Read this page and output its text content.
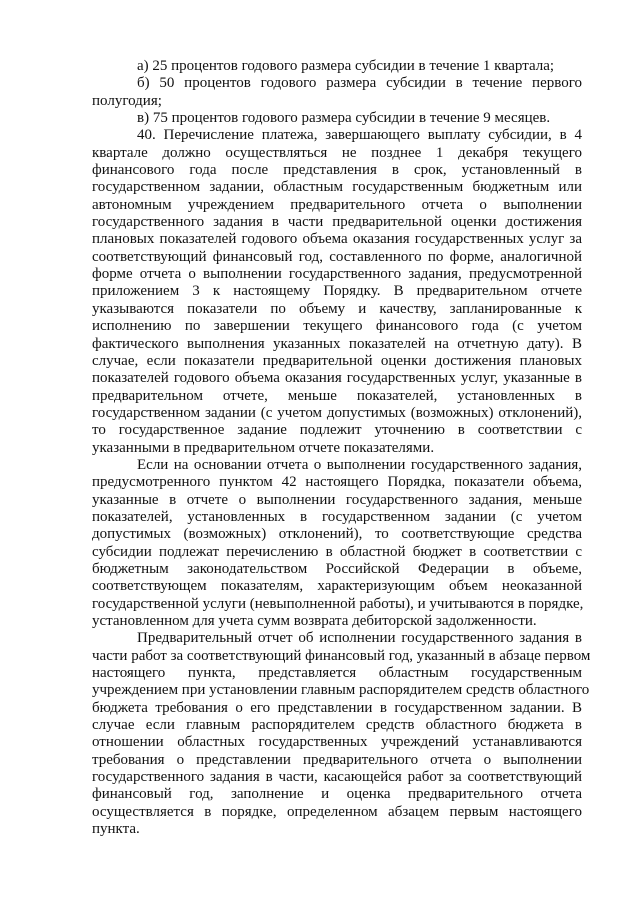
а) 25 процентов годового размера субсидии в течение 1 квартала;
б) 50 процентов годового размера субсидии в течение первого
полугодия;
в) 75 процентов годового размера субсидии в течение 9 месяцев.
40. Перечисление платежа, завершающего выплату субсидии, в 4
квартале должно осуществляться не позднее 1 декабря текущего
финансового года после представления в срок, установленный в
государственном задании, областным государственным бюджетным или
автономным учреждением предварительного отчета о выполнении
государственного задания в части предварительной оценки достижения
плановых показателей годового объема оказания государственных услуг за
соответствующий финансовый год, составленного по форме, аналогичной
форме отчета о выполнении государственного задания, предусмотренной
приложением 3 к настоящему Порядку. В предварительном отчете
указываются показатели по объему и качеству, запланированные к
исполнению по завершении текущего финансового года (с учетом
фактического выполнения указанных показателей на отчетную дату). В
случае, если показатели предварительной оценки достижения плановых
показателей годового объема оказания государственных услуг, указанные в
предварительном отчете, меньше показателей, установленных в
государственном задании (с учетом допустимых (возможных) отклонений),
то государственное задание подлежит уточнению в соответствии с
указанными в предварительном отчете показателями.
Если на основании отчета о выполнении государственного задания,
предусмотренного пунктом 42 настоящего Порядка, показатели объема,
указанные в отчете о выполнении государственного задания, меньше
показателей, установленных в государственном задании (с учетом
допустимых (возможных) отклонений), то соответствующие средства
субсидии подлежат перечислению в областной бюджет в соответствии с
бюджетным законодательством Российской Федерации в объеме,
соответствующем показателям, характеризующим объем неоказанной
государственной услуги (невыполненной работы), и учитываются в порядке,
установленном для учета сумм возврата дебиторской задолженности.
Предварительный отчет об исполнении государственного задания в
части работ за соответствующий финансовый год, указанный в абзаце первом
настоящего пункта, представляется областным государственным
учреждением при установлении главным распорядителем средств областного
бюджета требования о его представлении в государственном задании. В
случае если главным распорядителем средств областного бюджета в
отношении областных государственных учреждений устанавливаются
требования о представлении предварительного отчета о выполнении
государственного задания в части, касающейся работ за соответствующий
финансовый год, заполнение и оценка предварительного отчета
осуществляется в порядке, определенном абзацем первым настоящего
пункта.
